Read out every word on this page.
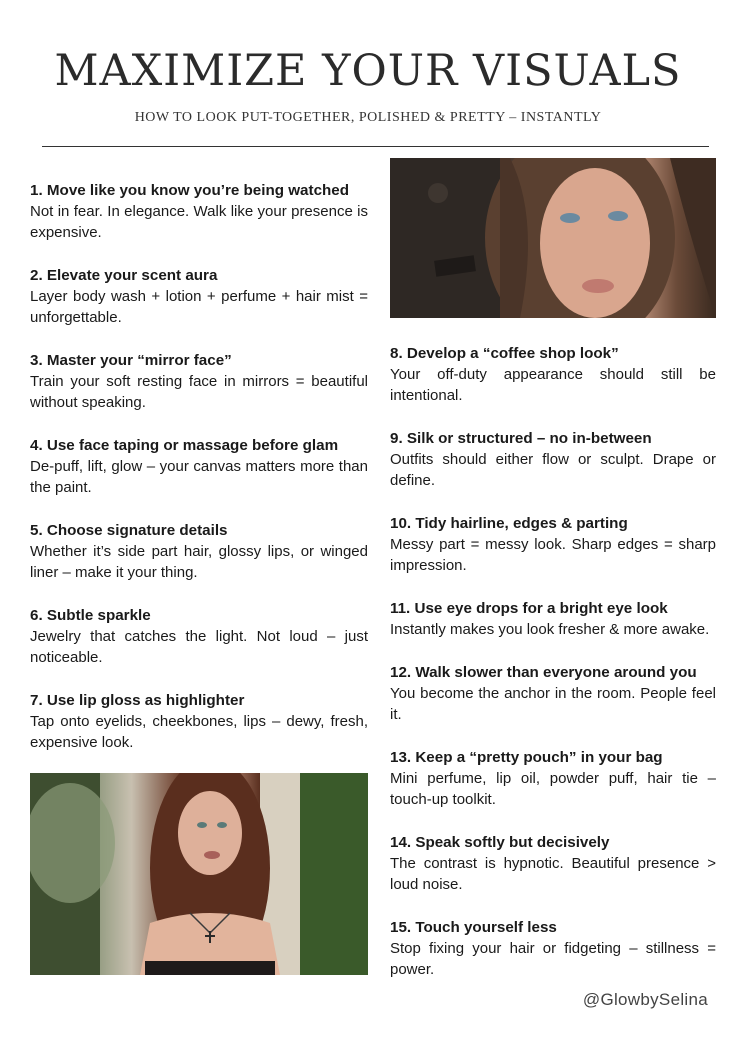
MAXIMIZE YOUR VISUALS
HOW TO LOOK PUT-TOGETHER, POLISHED & PRETTY – INSTANTLY
1. Move like you know you’re being watched

Not in fear. In elegance. Walk like your presence is expensive.

2. Elevate your scent aura

Layer body wash + lotion + perfume + hair mist = unforgettable.

3. Master your “mirror face”

Train your soft resting face in mirrors = beautiful without speaking.

4. Use face taping or massage before glam

De-puff, lift, glow – your canvas matters more than the paint.

5. Choose signature details

Whether it’s side part hair, glossy lips, or winged liner – make it your thing.

6. Subtle sparkle

Jewelry that catches the light. Not loud – just noticeable.

7. Use lip gloss as highlighter

Tap onto eyelids, cheekbones, lips – dewy, fresh, expensive look.

8. Develop a “coffee shop look”

Your off-duty appearance should still be intentional.

9. Silk or structured – no in-between

Outfits should either flow or sculpt. Drape or define.

10. Tidy hairline, edges & parting

Messy part = messy look. Sharp edges = sharp impression.

11. Use eye drops for a bright eye look

Instantly makes you look fresher & more awake.

12. Walk slower than everyone around you

You become the anchor in the room. People feel it.

13. Keep a “pretty pouch” in your bag

Mini perfume, lip oil, powder puff, hair tie – touch-up toolkit.

14. Speak softly but decisively

The contrast is hypnotic. Beautiful presence > loud noise.

15. Touch yourself less

Stop fixing your hair or fidgeting – stillness = power.

@GlowbySelina
